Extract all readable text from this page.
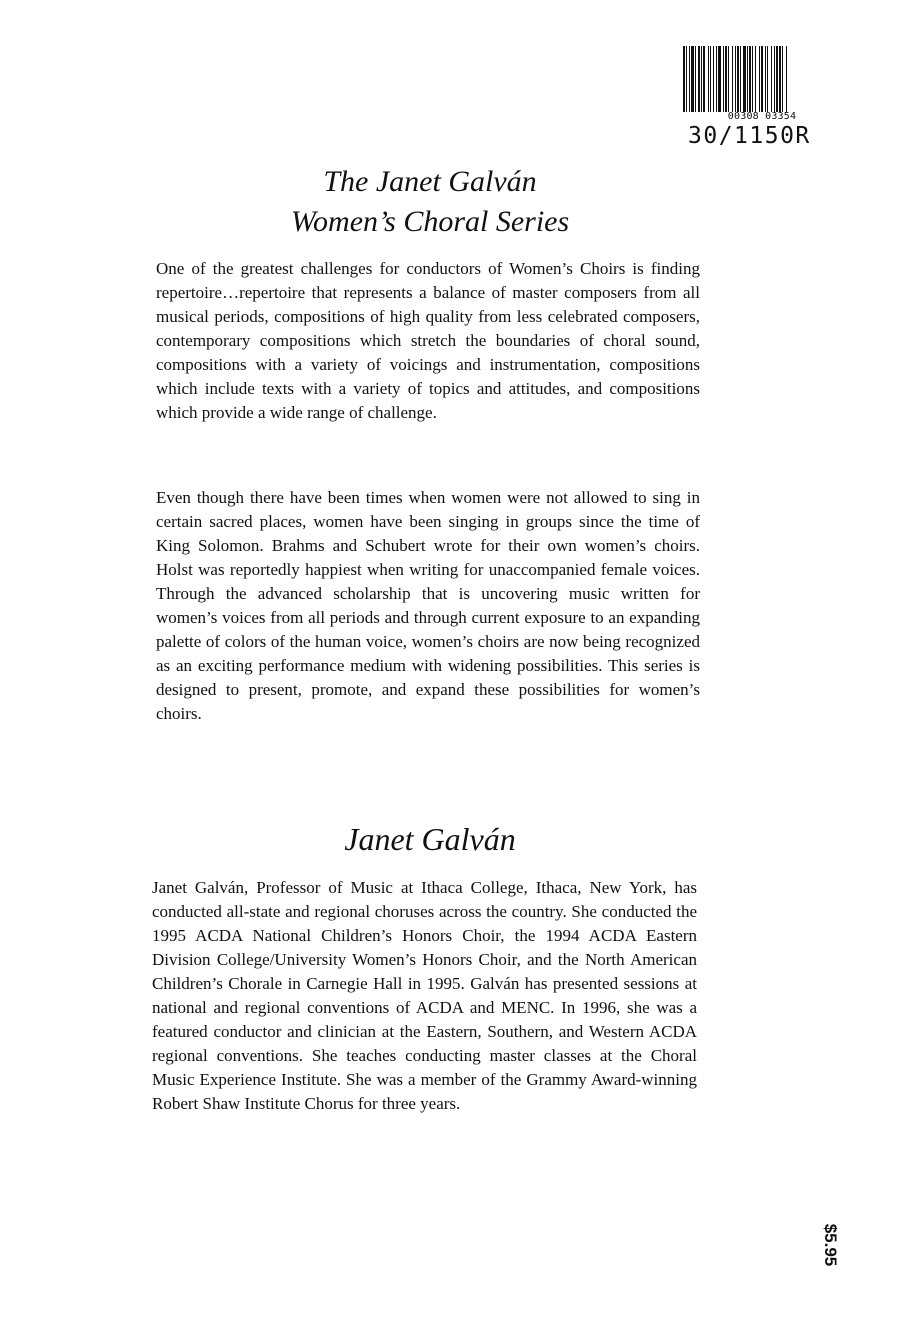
00308 03354
30/1150R
The Janet Galván
Women’s Choral Series

One of the greatest challenges for conductors of Women’s Choirs is finding repertoire…repertoire that represents a balance of master composers from all musical periods, compositions of high quality from less celebrated composers, contemporary compositions which stretch the boundaries of choral sound, compositions with a variety of voicings and instrumentation, compositions which include texts with a variety of topics and attitudes, and compositions which provide a wide range of challenge.

Even though there have been times when women were not allowed to sing in certain sacred places, women have been singing in groups since the time of King Solomon. Brahms and Schubert wrote for their own women’s choirs. Holst was reportedly happiest when writing for unaccompanied female voices. Through the advanced scholarship that is uncovering music written for women’s voices from all periods and through current exposure to an expanding palette of colors of the human voice, women’s choirs are now being recognized as an exciting performance medium with widening possibilities. This series is designed to present, promote, and expand these possibilities for women’s choirs.

Janet Galván

Janet Galván, Professor of Music at Ithaca College, Ithaca, New York, has conducted all-state and regional choruses across the country. She conducted the 1995 ACDA National Children’s Honors Choir, the 1994 ACDA Eastern Division College/University Women’s Honors Choir, and the North American Children’s Chorale in Carnegie Hall in 1995. Galván has presented sessions at national and regional conventions of ACDA and MENC. In 1996, she was a featured conductor and clinician at the Eastern, Southern, and Western ACDA regional conventions. She teaches conducting master classes at the Choral Music Experience Institute. She was a member of the Grammy Award-winning Robert Shaw Institute Chorus for three years.

$5.95
